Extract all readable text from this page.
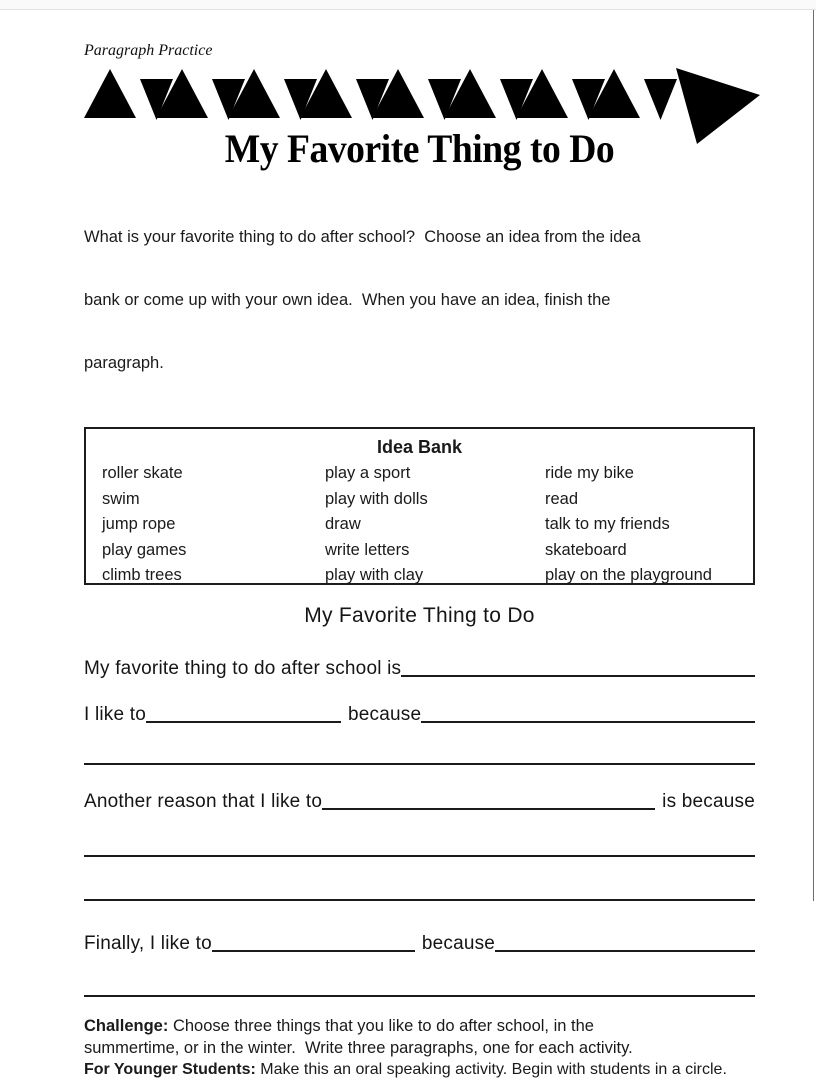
Paragraph Practice
My Favorite Thing to Do

What is your favorite thing to do after school?  Choose an idea from the idea

bank or come up with your own idea.  When you have an idea, finish the

paragraph.

Idea Bank
roller skate	play a sport	ride my bike
swim	play with dolls	read
jump rope	draw	talk to my friends
play games	write letters	skateboard
climb trees	play with clay	play on the playground
My Favorite Thing to Do
My favorite thing to do after school is
I like to	because
Another reason that I like to	is because
Finally, I like to	because
Challenge: Choose three things that you like to do after school, in the
summertime, or in the winter.  Write three paragraphs, one for each activity.
For Younger Students: Make this an oral speaking activity. Begin with students in a circle.
